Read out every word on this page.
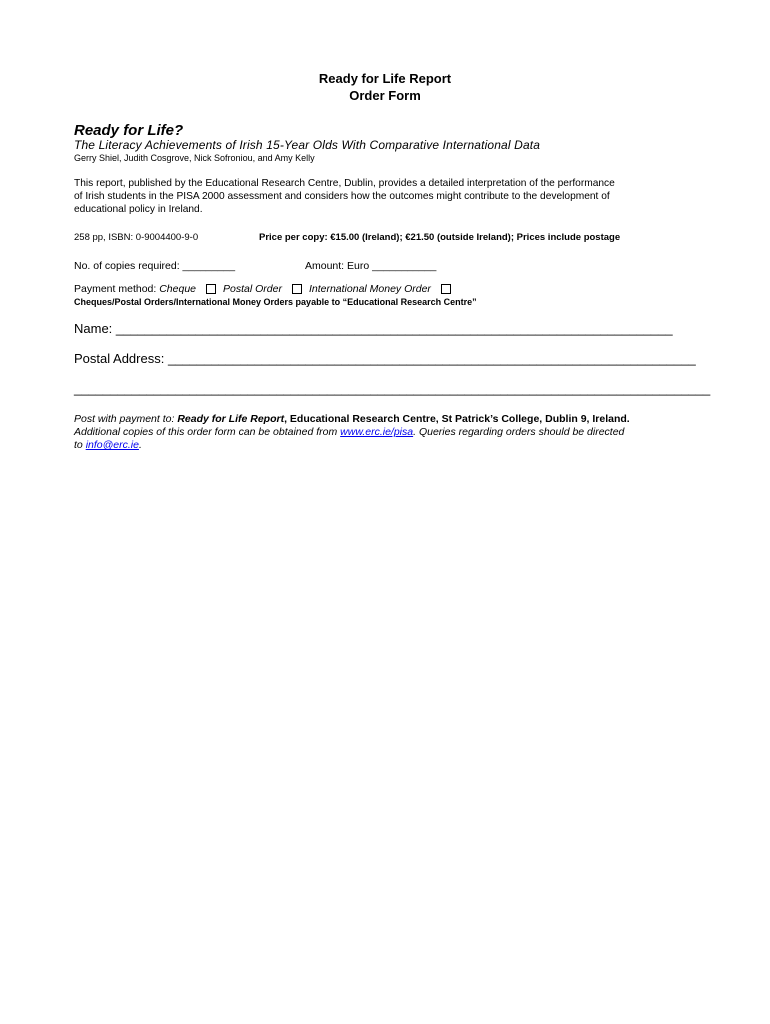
Ready for Life Report
Order Form
Ready for Life?
The Literacy Achievements of Irish 15-Year Olds With Comparative International Data
Gerry Shiel, Judith Cosgrove, Nick Sofroniou, and Amy Kelly

This report, published by the Educational Research Centre, Dublin, provides a detailed interpretation of the performance

of Irish students in the PISA 2000 assessment and considers how the outcomes might contribute to the development of

educational policy in Ireland.

258 pp, ISBN: 0-9004400-9-0	Price per copy: €15.00 (Ireland); €21.50 (outside Ireland); Prices include postage
No. of copies required: _________	Amount: Euro ___________
Payment method: Cheque	Postal Order	International Money Order
Cheques/Postal Orders/International Money Orders payable to “Educational Research Centre”
Name: _____________________________________________________________________________
Postal Address: _________________________________________________________________________
________________________________________________________________________________________

Post with payment to: Ready for Life Report, Educational Research Centre, St Patrick’s College, Dublin 9, Ireland.

Additional copies of this order form can be obtained from www.erc.ie/pisa. Queries regarding orders should be directed

to info@erc.ie.
